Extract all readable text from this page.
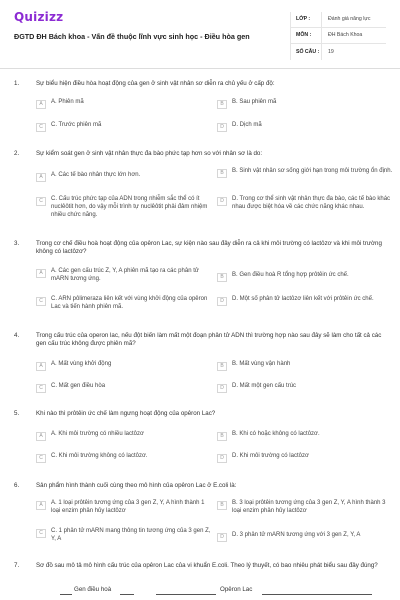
Quizizz
ĐGTD ĐH Bách khoa - Vấn đề thuộc lĩnh vực sinh học - Điều hòa gen
LỚP :	Đánh giá năng lực
MÔN :	ĐH Bách Khoa
SỐ CÂU :	19
1.	Sự biểu hiện điều hòa hoạt động của gen ở sinh vật nhân sơ diễn ra chủ yếu ở cấp độ:
A	A. Phiên mã	B	B. Sau phiên mã
C	C. Trước phiên mã	D	D. Dịch mã
2.	Sự kiểm soát gen ở sinh vật nhân thực đa bào phức tạp hơn so với nhân sơ là do:
A	A. Các tế bào nhân thực lớn hơn.	B	B. Sinh vật nhân sơ sống giới hạn trong môi trường ổn định.
C	C. Cấu trúc phức tạp của ADN trong nhiễm sắc thể có ít nuclêôtit hơn, do vậy mỗi trình tự nuclêôtit phải đảm nhiệm nhiều chức năng.
D	D. Trong cơ thể sinh vật nhân thực đa bào, các tế bào khác nhau được biệt hóa về các chức năng khác nhau.
3.	Trong cơ chế điều hoà hoạt động của opêron Lac, sự kiện nào sau đây diễn ra cả khi môi trường có lactôzơ và khi môi trường không có lactôzơ?
A	A. Các gen cấu trúc Z, Y, A phiên mã tạo ra các phân tử mARN tương ứng.	B	B. Gen điều hoà R tổng hợp prôtêin ức chế.
C	C. ARN pôlimeraza liên kết với vùng khởi động của opêron Lac và tiến hành phiên mã.
D	D. Một số phân tử lactôzơ liên kết với prôtêin ức chế.
4.	Trong cấu trúc của operon lac, nếu đột biến làm mất một đoạn phân tử ADN thì trường hợp nào sau đây sẽ làm cho tất cả các gen cấu trúc không được phiên mã?
A	A. Mất vùng khởi động	B	B. Mất vùng vận hành
C	C. Mất gen điều hòa	D	D. Mất một gen cấu trúc
5.	Khi nào thì prôtêin ức chế làm ngưng hoạt động của opêron Lac?
A	A. Khi môi trường có nhiều lactôzơ	B	B. Khi có hoặc không có lactôzơ.
C	C. Khi môi trường không có lactôzơ.	D	D. Khi môi trường có lactôzơ
6.	Sản phẩm hình thành cuối cùng theo mô hình của opêron Lac ở E.coli là:
A	A. 1 loại prôtêin tương ứng của 3 gen Z, Y, A hình thành 1 loại enzim phân hủy lactôzơ
B	B. 3 loại prôtêin tương ứng của 3 gen Z, Y, A hình thành 3 loại enzim phân hủy lactôzơ
C	C. 1 phân tử mARN mang thông tin tương ứng của 3 gen Z, Y, A	D	D. 3 phân tử mARN tương ứng với 3 gen Z, Y, A
7.	Sơ đồ sau mô tả mô hình cấu trúc của opêron Lac của vi khuẩn E.coli. Theo lý thuyết, có bao nhiêu phát biểu sau đây đúng?
Gen điều hoà	Opêron Lac
